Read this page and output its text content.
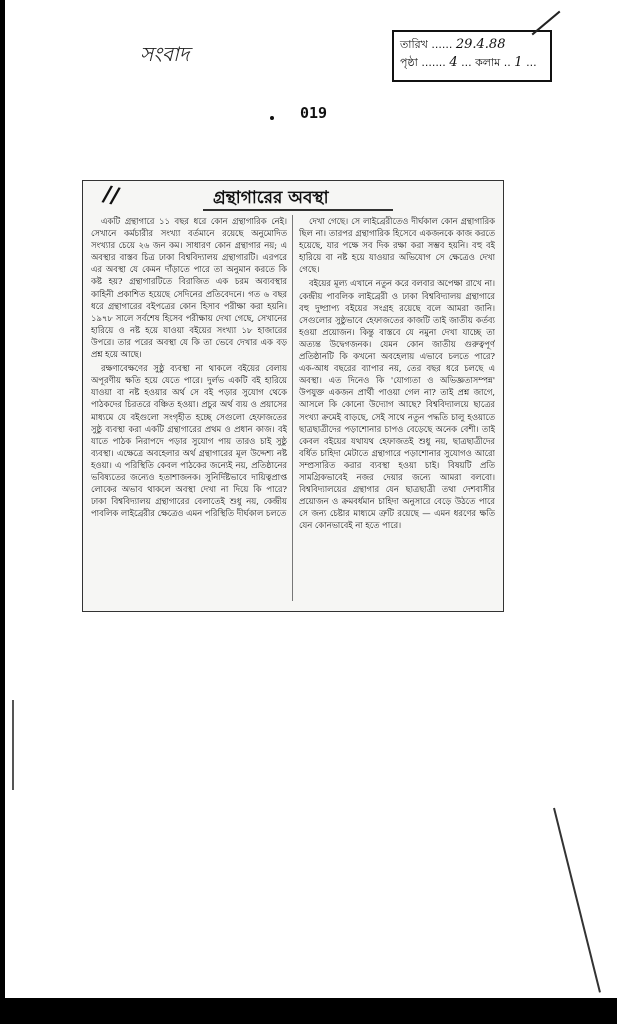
সংবাদ	তারিখ ...... 29.4.88
পৃষ্ঠা ....... 4 ... কলাম .. 1 ...
019
//	গ্রন্থাগারের অবস্থা

একটি গ্রন্থাগারে ১১ বছর ধরে কোন গ্রন্থাগারিক নেই। সেখানে কর্মচারীর সংখ্যা বর্তমানে রয়েছে অনুমোদিত সংখ্যার চেয়ে ২৬ জন কম। সাধারণ কোন গ্রন্থাগার নয়; এ অবস্থার বাস্তব চিত্র ঢাকা বিশ্ববিদ্যালয় গ্রন্থাগারটি। এরপরে এর অবস্থা যে কেমন দাঁড়াতে পারে তা অনুমান করতে কি কষ্ট হয়? গ্রন্থাগারটিতে বিরাজিত এক চরম অব্যবস্থার কাহিনী প্রকাশিত হয়েছে সেদিনের প্রতিবেদনে। গত ৬ বছর ধরে গ্রন্থাগারের বইপত্রের কোন হিসাব পরীক্ষা করা হয়নি। ১৯৭৮ সালে সর্বশেষ হিসেব পরীক্ষায় দেখা গেছে, সেখানের হারিয়ে ও নষ্ট হয়ে যাওয়া বইয়ের সংখ্যা ১৮ হাজারের উপরে। তার পরের অবস্থা যে কি তা ভেবে দেখার এক বড় প্রশ্ন হয়ে আছে।

রক্ষণাবেক্ষণের সুষ্ঠু ব্যবস্থা না থাকলে বইয়ের বেলায় অপূরণীয় ক্ষতি হয়ে যেতে পারে। দুর্লভ একটি বই হারিয়ে যাওয়া বা নষ্ট হওয়ার অর্থ সে বই পড়ার সুযোগ থেকে পাঠকদের চিরতরে বঞ্চিত হওয়া। প্রচুর অর্থ ব্যয় ও প্রয়াসের মাধ্যমে যে বইগুলো সংগৃহীত হচ্ছে সেগুলো হেফাজতের সুষ্ঠু ব্যবস্থা করা একটি গ্রন্থাগারের প্রথম ও প্রধান কাজ। বই যাতে পাঠক নিরাপদে পড়ার সুযোগ পায় তারও চাই সুষ্ঠু ব্যবস্থা। এক্ষেত্রে অবহেলার অর্থ গ্রন্থাগারের মূল উদ্দেশ্য নষ্ট হওয়া। এ পরিস্থিতি কেবল পাঠকের জন্যেই নয়, প্রতিষ্ঠানের ভবিষ্যতের জন্যেও হতাশাজনক। সুনির্দিষ্টভাবে দায়িত্বপ্রাপ্ত লোকের অভাব থাকলে অবস্থা দেখা না দিয়ে কি পারে? ঢাকা বিশ্ববিদ্যালয় গ্রন্থাগারের বেলাতেই শুধু নয়, কেন্দ্রীয় পাবলিক লাইব্রেরীর ক্ষেত্রেও এমন পরিস্থিতি দীর্ঘকাল চলতে

দেখা গেছে। সে লাইব্রেরীতেও দীর্ঘকাল কোন গ্রন্থাগারিক ছিল না। তারপর গ্রন্থাগারিক হিসেবে একজনকে কাজ করতে হয়েছে, যার পক্ষে সব দিক রক্ষা করা সম্ভব হয়নি। বহু বই হারিয়ে বা নষ্ট হয়ে যাওয়ার অভিযোগ সে ক্ষেত্রেও দেখা গেছে।

বইয়ের মূল্য এখানে নতুন করে বলবার অপেক্ষা রাখে না। কেন্দ্রীয় পাবলিক লাইব্রেরী ও ঢাকা বিশ্ববিদ্যালয় গ্রন্থাগারে বহু দুষ্প্রাপ্য বইয়ের সংগ্রহ রয়েছে বলে আমরা জানি। সেগুলোর সুষ্ঠুভাবে হেফাজতের কাজটি তাই জাতীয় কর্তব্য হওয়া প্রয়োজন। কিন্তু বাস্তবে যে নমুনা দেখা যাচ্ছে তা অত্যন্ত উদ্বেগজনক। যেমন কোন জাতীয় গুরুত্বপূর্ণ প্রতিষ্ঠানটি কি কখনো অবহেলায় এভাবে চলতে পারে? এক-আধ বছরের ব্যাপার নয়, তের বছর ধরে চলছে এ অবস্থা। এত দিনেও কি 'যোগ্যতা ও অভিজ্ঞতাসম্পন্ন' উপযুক্ত একজন প্রার্থী পাওয়া গেল না? তাই প্রশ্ন জাগে, আসলে কি কোনো উদ্যোগ আছে? বিশ্ববিদ্যালয়ে ছাত্রের সংখ্যা ক্রমেই বাড়ছে, সেই সাথে নতুন পদ্ধতি চালু হওয়াতে ছাত্রছাত্রীদের পড়াশোনার চাপও বেড়েছে অনেক বেশী। তাই কেবল বইয়ের যথাযথ হেফাজতই শুধু নয়, ছাত্রছাত্রীদের বর্ধিত চাহিদা মেটাতে গ্রন্থাগারে পড়াশোনার সুযোগও আরো সম্প্রসারিত করার ব্যবস্থা হওয়া চাই। বিষয়টি প্রতি সামগ্রিকভাবেই নজর দেয়ার জন্যে আমরা বলবো। বিশ্ববিদ্যালয়ের গ্রন্থাগার যেন ছাত্রছাত্রী তথা দেশবাসীর প্রয়োজন ও ক্রমবর্ধমান চাহিদা অনুসারে বেড়ে উঠতে পারে সে জন্য চেষ্টার মাধ্যমে ত্রুটি রয়েছে — এমন ধরণের ক্ষতি যেন কোনভাবেই না হতে পারে।
